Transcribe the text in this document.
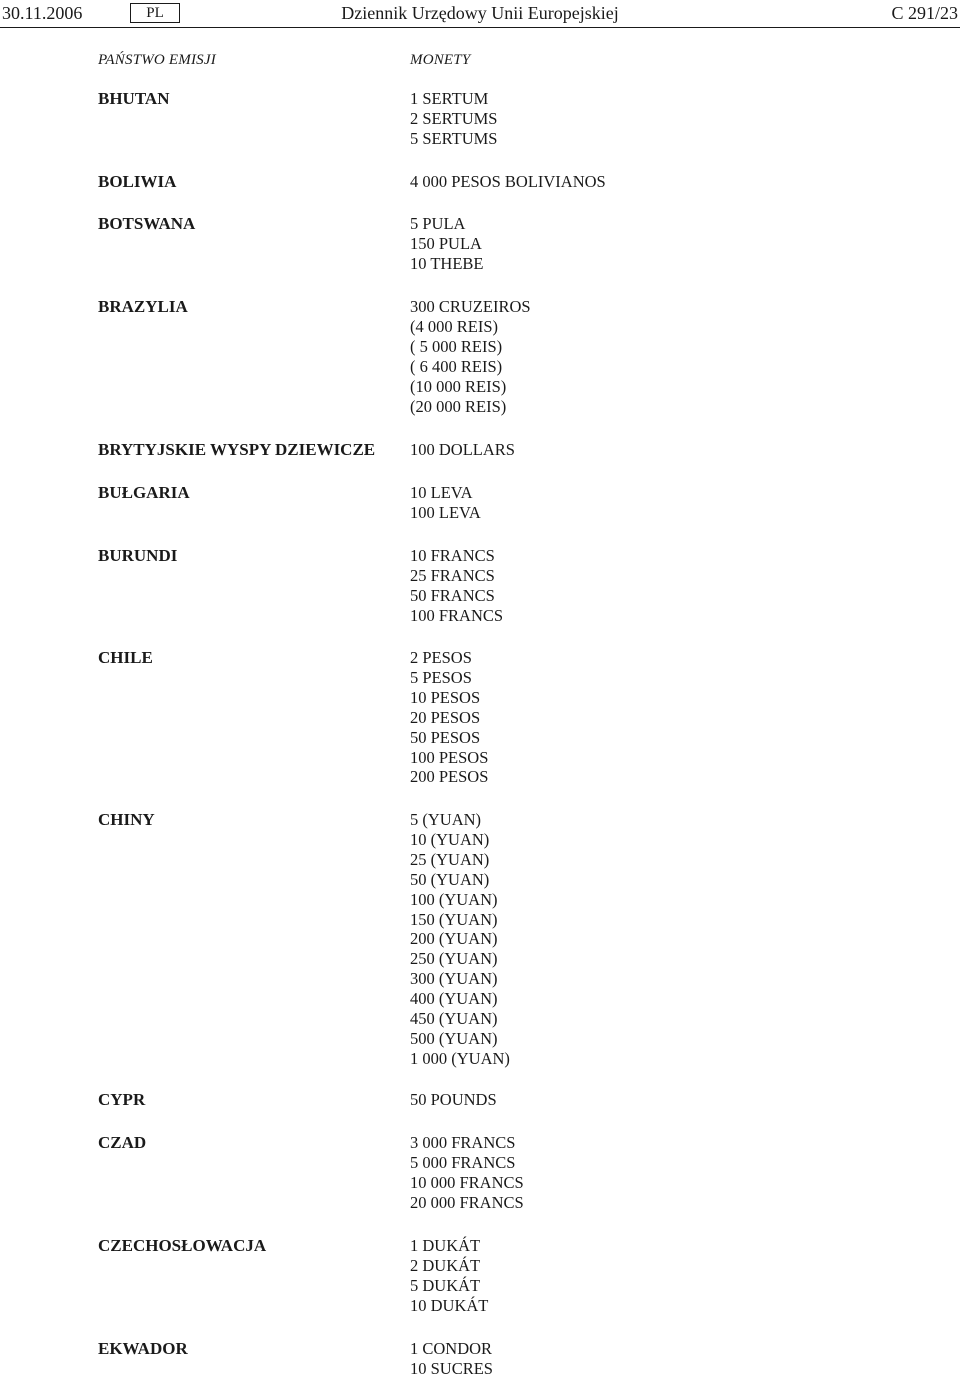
Dziennik Urzędowy Unii Europejskiej
30.11.2006	PL	C 291/23
PAŃSTWO EMISJI	MONETY
BHUTAN	1 SERTUM
2 SERTUMS
5 SERTUMS
BOLIWIA	4 000 PESOS BOLIVIANOS
BOTSWANA	5 PULA
150 PULA
10 THEBE
BRAZYLIA	300 CRUZEIROS
(4 000 REIS)
( 5 000 REIS)
( 6 400 REIS)
(10 000 REIS)
(20 000 REIS)
BRYTYJSKIE WYSPY DZIEWICZE 100 DOLLARS
BUŁGARIA	10 LEVA
100 LEVA
BURUNDI	10 FRANCS
25 FRANCS
50 FRANCS
100 FRANCS
CHILE	2 PESOS
5 PESOS
10 PESOS
20 PESOS
50 PESOS
100 PESOS
200 PESOS
CHINY	5 (YUAN)
10 (YUAN)
25 (YUAN)
50 (YUAN)
100 (YUAN)
150 (YUAN)
200 (YUAN)
250 (YUAN)
300 (YUAN)
400 (YUAN)
450 (YUAN)
500 (YUAN)
1 000 (YUAN)
CYPR	50 POUNDS
CZAD	3 000 FRANCS
5 000 FRANCS
10 000 FRANCS
20 000 FRANCS
CZECHOSŁOWACJA	1 DUKÁT
2 DUKÁT
5 DUKÁT
10 DUKÁT
EKWADOR	1 CONDOR
10 SUCRES
